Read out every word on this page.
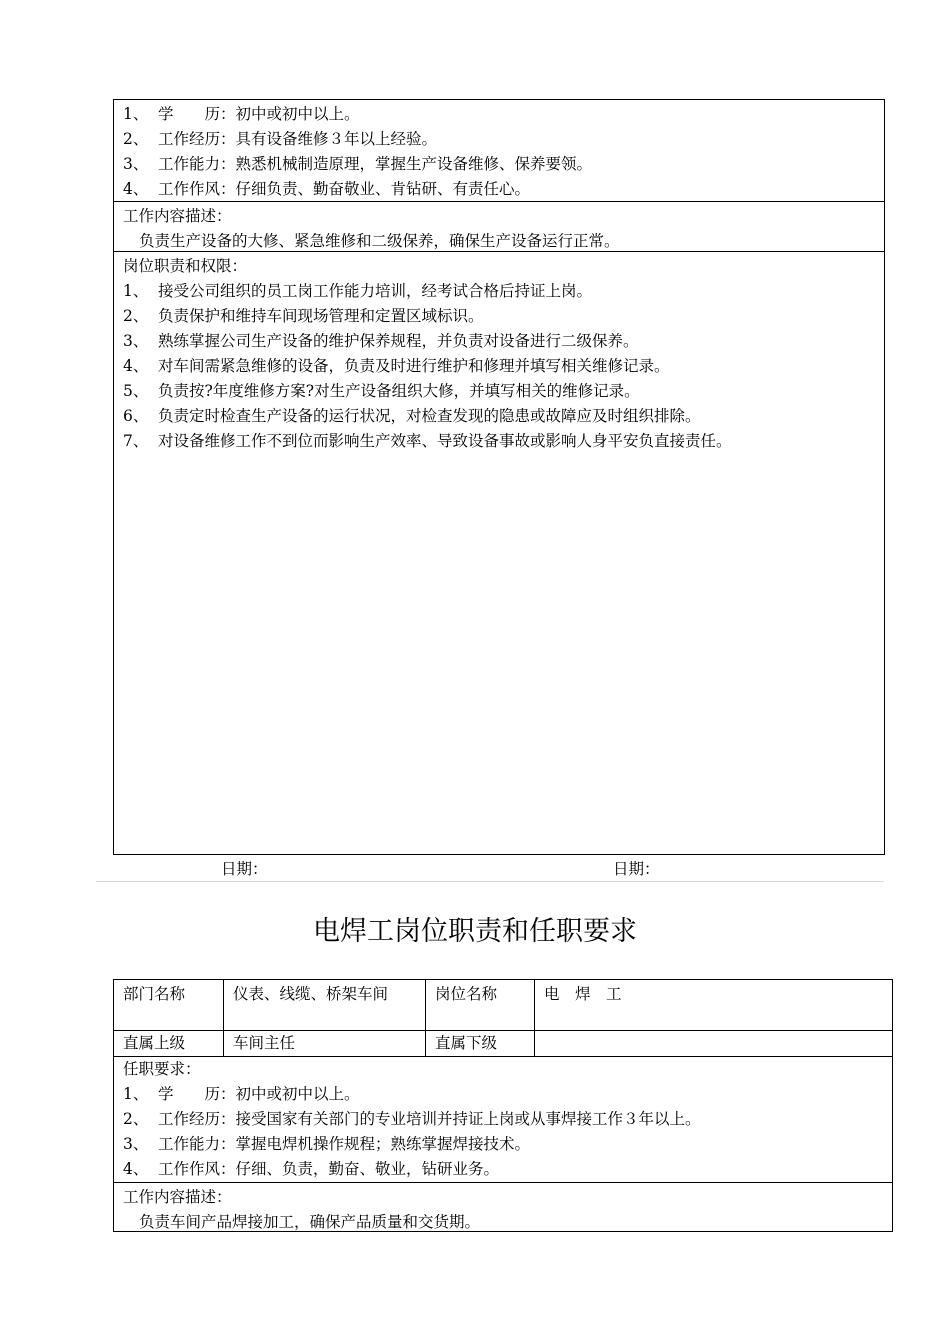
1、 学　　历：初中或初中以上。
2、 工作经历：具有设备维修３年以上经验。
3、 工作能力：熟悉机械制造原理，掌握生产设备维修、保养要领。
4、 工作作风：仔细负责、勤奋敬业、肯钻研、有责任心。
工作内容描述：
负责生产设备的大修、紧急维修和二级保养，确保生产设备运行正常。
岗位职责和权限：
1、 接受公司组织的员工岗工作能力培训，经考试合格后持证上岗。
2、 负责保护和维持车间现场管理和定置区域标识。
3、 熟练掌握公司生产设备的维护保养规程，并负责对设备进行二级保养。
4、 对车间需紧急维修的设备，负责及时进行维护和修理并填写相关维修记录。
5、 负责按?年度维修方案?对生产设备组织大修，并填写相关的维修记录。
6、 负责定时检查生产设备的运行状况，对检查发现的隐患或故障应及时组织排除。
7、 对设备维修工作不到位而影响生产效率、导致设备事故或影响人身平安负直接责任。
日期：	日期：
电焊工岗位职责和任职要求
部门名称	仪表、线缆、桥架车间	岗位名称	电　焊　工
直属上级	车间主任	直属下级
任职要求：
1、 学　　历：初中或初中以上。
2、 工作经历：接受国家有关部门的专业培训并持证上岗或从事焊接工作３年以上。
3、 工作能力：掌握电焊机操作规程；熟练掌握焊接技术。
4、 工作作风：仔细、负责，勤奋、敬业，钻研业务。
工作内容描述：
负责车间产品焊接加工，确保产品质量和交货期。
